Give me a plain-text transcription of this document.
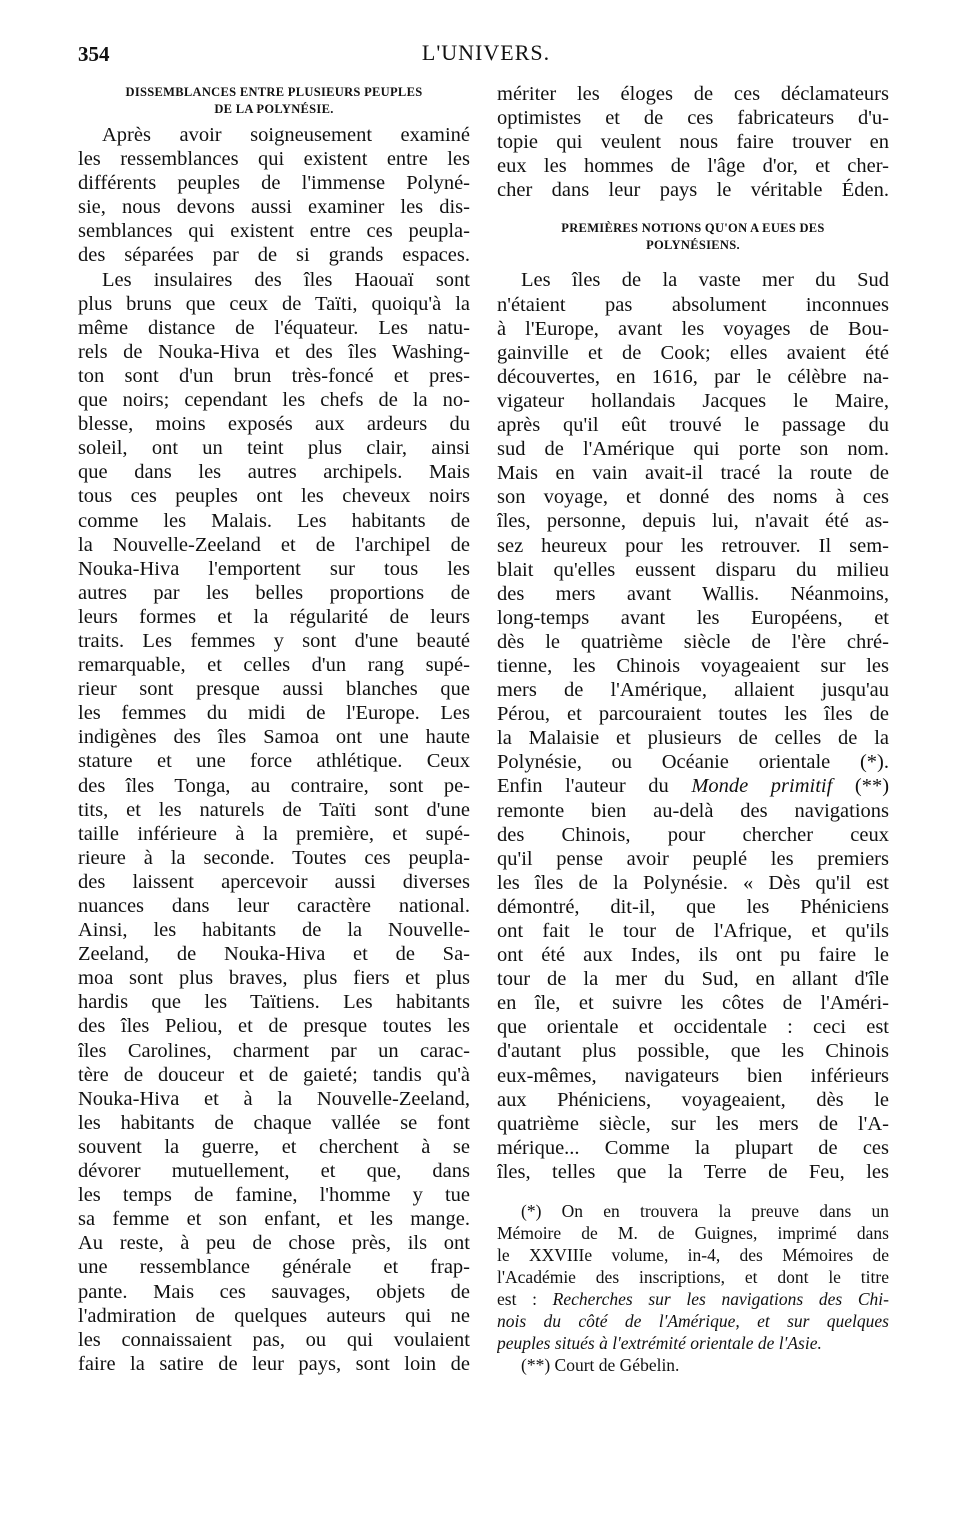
354	L'UNIVERS.
DISSEMBLANCES ENTRE PLUSIEURS PEUPLES
DE LA POLYNÉSIE.
Après avoir soigneusement examiné
les ressemblances qui existent entre les
différents peuples de l'immense Polyné-
sie, nous devons aussi examiner les dis-
semblances qui existent entre ces peupla-
des séparées par de si grands espaces.
Les insulaires des îles Haouaï sont
plus bruns que ceux de Taïti, quoiqu'à la
même distance de l'équateur. Les natu-
rels de Nouka-Hiva et des îles Washing-
ton sont d'un brun très-foncé et pres-
que noirs; cependant les chefs de la no-
blesse, moins exposés aux ardeurs du
soleil, ont un teint plus clair, ainsi
que dans les autres archipels. Mais
tous ces peuples ont les cheveux noirs
comme les Malais. Les habitants de
la Nouvelle-Zeeland et de l'archipel de
Nouka-Hiva l'emportent sur tous les
autres par les belles proportions de
leurs formes et la régularité de leurs
traits. Les femmes y sont d'une beauté
remarquable, et celles d'un rang supé-
rieur sont presque aussi blanches que
les femmes du midi de l'Europe. Les
indigènes des îles Samoa ont une haute
stature et une force athlétique. Ceux
des îles Tonga, au contraire, sont pe-
tits, et les naturels de Taïti sont d'une
taille inférieure à la première, et supé-
rieure à la seconde. Toutes ces peupla-
des laissent apercevoir aussi diverses
nuances dans leur caractère national.
Ainsi, les habitants de la Nouvelle-
Zeeland, de Nouka-Hiva et de Sa-
moa sont plus braves, plus fiers et plus
hardis que les Taïtiens. Les habitants
des îles Peliou, et de presque toutes les
îles Carolines, charment par un carac-
tère de douceur et de gaieté; tandis qu'à
Nouka-Hiva et à la Nouvelle-Zeeland,
les habitants de chaque vallée se font
souvent la guerre, et cherchent à se
dévorer mutuellement, et que, dans
les temps de famine, l'homme y tue
sa femme et son enfant, et les mange.
Au reste, à peu de chose près, ils ont
une ressemblance générale et frap-
pante. Mais ces sauvages, objets de
l'admiration de quelques auteurs qui ne
les connaissaient pas, ou qui voulaient
faire la satire de leur pays, sont loin de
mériter les éloges de ces déclamateurs
optimistes et de ces fabricateurs d'u-
topie qui veulent nous faire trouver en
eux les hommes de l'âge d'or, et cher-
cher dans leur pays le véritable Éden.
PREMIÈRES NOTIONS QU'ON A EUES DES
POLYNÉSIENS.
Les îles de la vaste mer du Sud
n'étaient pas absolument inconnues
à l'Europe, avant les voyages de Bou-
gainville et de Cook; elles avaient été
découvertes, en 1616, par le célèbre na-
vigateur hollandais Jacques le Maire,
après qu'il eût trouvé le passage du
sud de l'Amérique qui porte son nom.
Mais en vain avait-il tracé la route de
son voyage, et donné des noms à ces
îles, personne, depuis lui, n'avait été as-
sez heureux pour les retrouver. Il sem-
blait qu'elles eussent disparu du milieu
des mers avant Wallis. Néanmoins,
long-temps avant les Européens, et
dès le quatrième siècle de l'ère chré-
tienne, les Chinois voyageaient sur les
mers de l'Amérique, allaient jusqu'au
Pérou, et parcouraient toutes les îles de
la Malaisie et plusieurs de celles de la
Polynésie, ou Océanie orientale (*).
Enfin l'auteur du Monde primitif (**)
remonte bien au-delà des navigations
des Chinois, pour chercher ceux
qu'il pense avoir peuplé les premiers
les îles de la Polynésie. « Dès qu'il est
démontré, dit-il, que les Phéniciens
ont fait le tour de l'Afrique, et qu'ils
ont été aux Indes, ils ont pu faire le
tour de la mer du Sud, en allant d'île
en île, et suivre les côtes de l'Améri-
que orientale et occidentale : ceci est
d'autant plus possible, que les Chinois
eux-mêmes, navigateurs bien inférieurs
aux Phéniciens, voyageaient, dès le
quatrième siècle, sur les mers de l'A-
mérique... Comme la plupart de ces
îles, telles que la Terre de Feu, les
(*) On en trouvera la preuve dans un
Mémoire de M. de Guignes, imprimé dans
le XXVIIIe volume, in-4, des Mémoires de
l'Académie des inscriptions, et dont le titre
est : Recherches sur les navigations des Chi-
nois du côté de l'Amérique, et sur quelques
peuples situés à l'extrémité orientale de l'Asie.
(**) Court de Gébelin.
